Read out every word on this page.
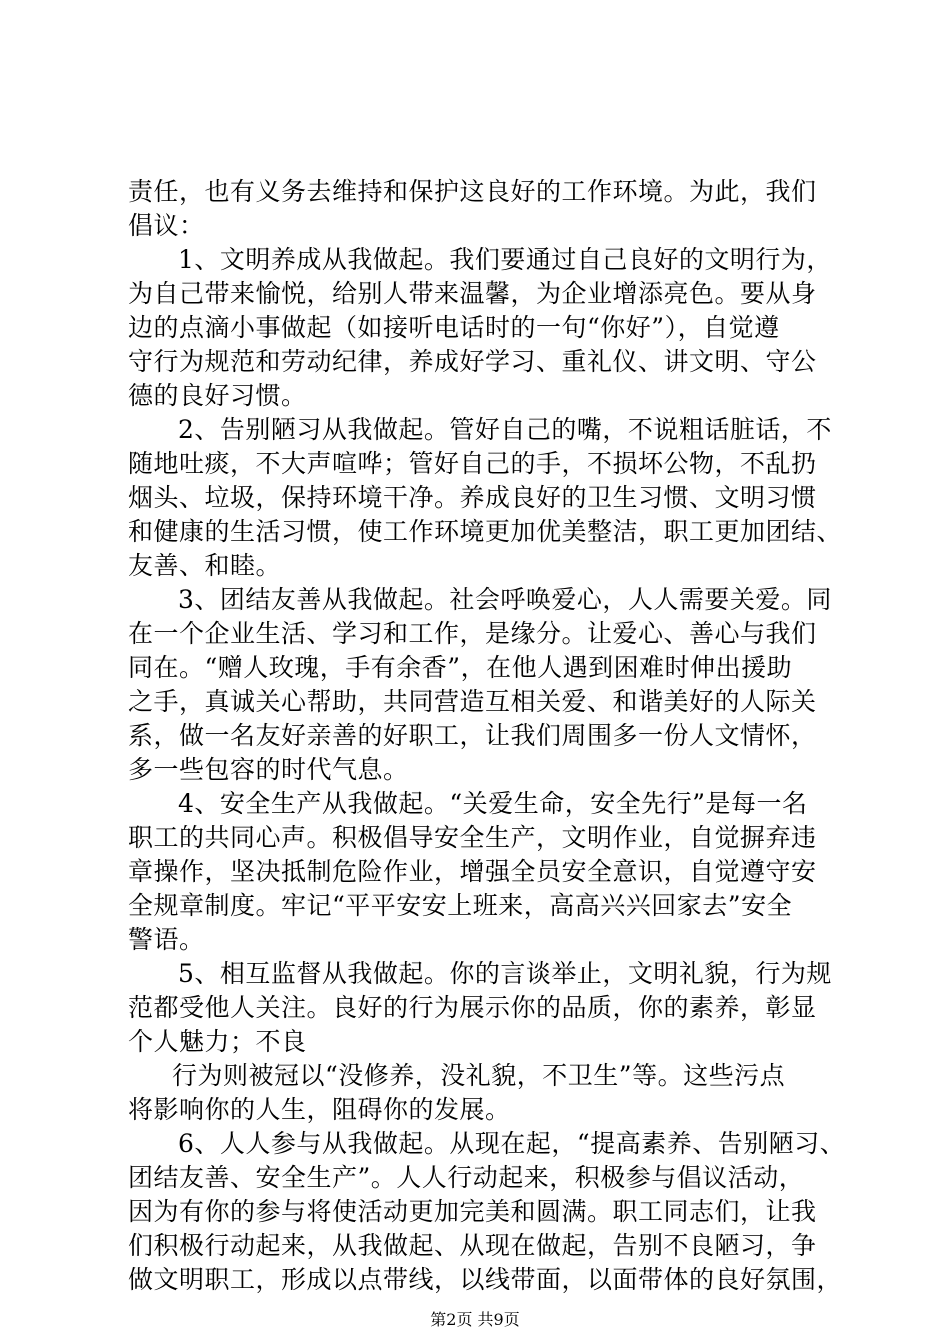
责任，也有义务去维持和保护这良好的工作环境。为此，我们
倡议：
1、文明养成从我做起。我们要通过自己良好的文明行为，
为自己带来愉悦，给别人带来温馨，为企业增添亮色。要从身
边的点滴小事做起（如接听电话时的一句“你好”），自觉遵
守行为规范和劳动纪律，养成好学习、重礼仪、讲文明、守公
德的良好习惯。
2、告别陋习从我做起。管好自己的嘴，不说粗话脏话，不
随地吐痰，不大声喧哗；管好自己的手，不损坏公物，不乱扔
烟头、垃圾，保持环境干净。养成良好的卫生习惯、文明习惯
和健康的生活习惯，使工作环境更加优美整洁，职工更加团结、
友善、和睦。
3、团结友善从我做起。社会呼唤爱心，人人需要关爱。同
在一个企业生活、学习和工作，是缘分。让爱心、善心与我们
同在。“赠人玫瑰，手有余香”，在他人遇到困难时伸出援助
之手，真诚关心帮助，共同营造互相关爱、和谐美好的人际关
系，做一名友好亲善的好职工，让我们周围多一份人文情怀，
多一些包容的时代气息。
4、安全生产从我做起。“关爱生命，安全先行”是每一名
职工的共同心声。积极倡导安全生产，文明作业，自觉摒弃违
章操作，坚决抵制危险作业，增强全员安全意识，自觉遵守安
全规章制度。牢记“平平安安上班来，高高兴兴回家去”安全
警语。
5、相互监督从我做起。你的言谈举止，文明礼貌，行为规
范都受他人关注。良好的行为展示你的品质，你的素养，彰显
个人魅力；不良
行为则被冠以“没修养，没礼貌，不卫生”等。这些污点
将影响你的人生，阻碍你的发展。
6、人人参与从我做起。从现在起，“提高素养、告别陋习、
团结友善、安全生产”。人人行动起来，积极参与倡议活动，
因为有你的参与将使活动更加完美和圆满。职工同志们，让我
们积极行动起来，从我做起、从现在做起，告别不良陋习，争
做文明职工，形成以点带线，以线带面，以面带体的良好氛围，
第2页 共9页
